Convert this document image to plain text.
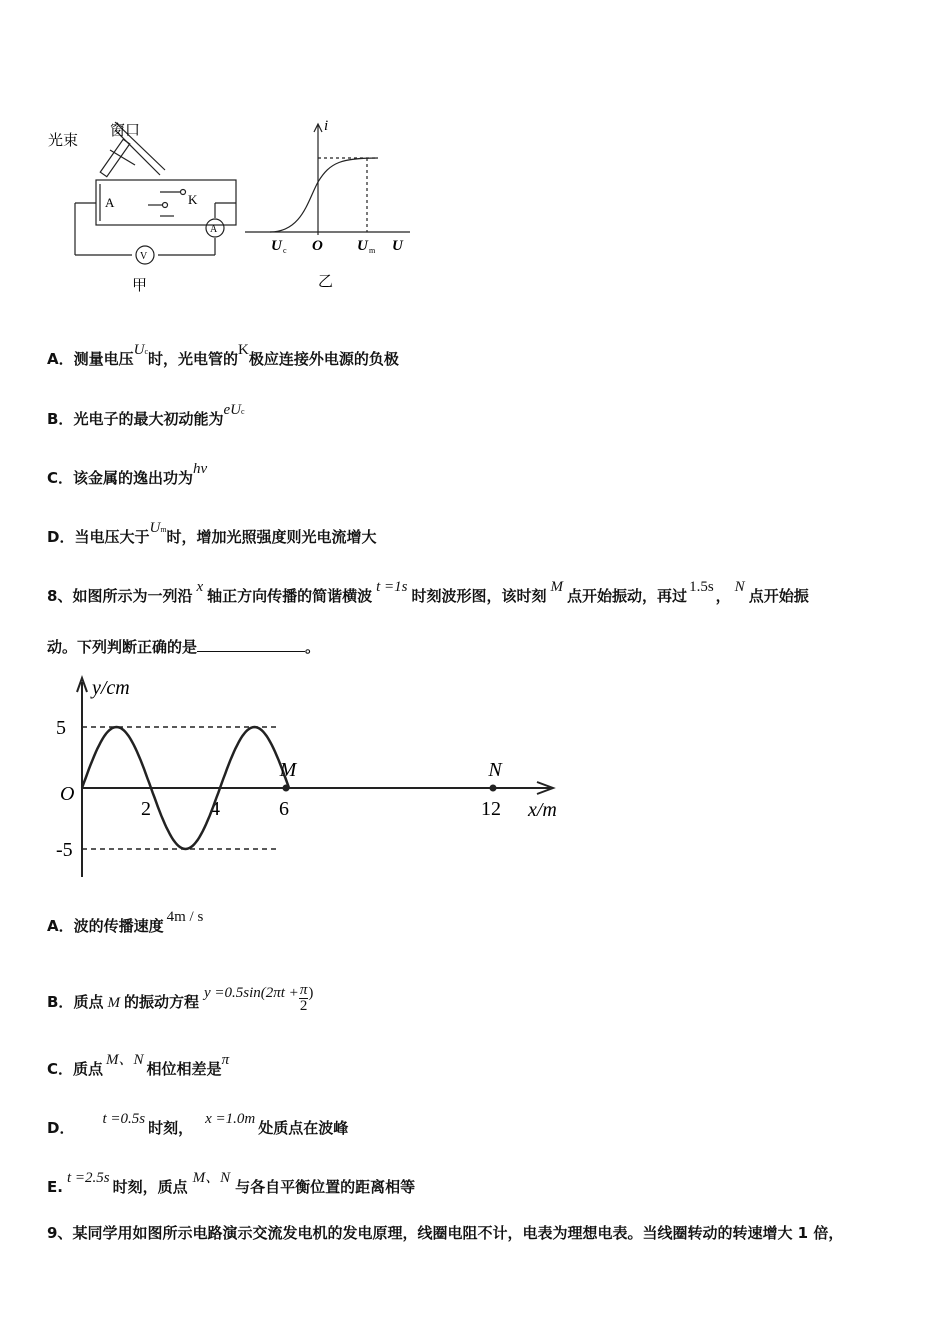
光束
窗口
A	K
A
V
甲
i
U
O
U c	U m
乙
A．测量电压$U^c$时，光电管的K极应连接外电源的负极
B．光电子的最大初动能为$eU^c$
C．该金属的逸出功为hν
D．当电压大于$U^m$时，增加光照强度则光电流增大
8、如图所示为一列沿 x 轴正方向传播的简谐横波 t =1s 时刻波形图，该时刻 M 点开始振动，再过 1.5s ， N 点开始振
动。下列判断正确的是	。
y/cm
x/m
O
5
-5
2	4	6	12
M	N
A．波的传播速度 4m / s
B．质点 M 的振动方程 $y =0.5\sin(2\pi t + \frac{\pi}{2}$ )
C．质点 M、N 相位相差是π
D． t =0.5s 时刻， x =1.0m 处质点在波峰
E. t =2.5s 时刻，质点 M、N 与各自平衡位置的距离相等
9、某同学用如图所示电路演示交流发电机的发电原理，线圈电阻不计，电表为理想电表。当线圈转动的转速增大 1 倍，
